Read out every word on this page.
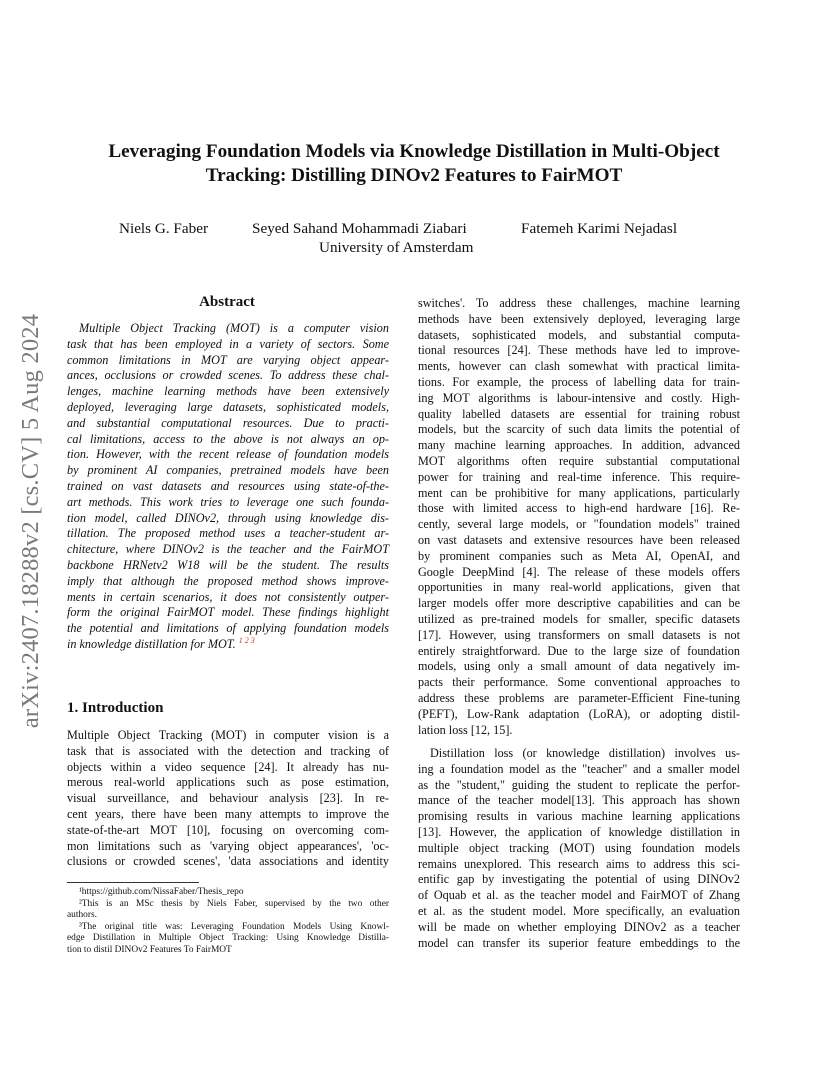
arXiv:2407.18288v2 [cs.CV] 5 Aug 2024
Leveraging Foundation Models via Knowledge Distillation in Multi-Object
Tracking: Distilling DINOv2 Features to FairMOT
Niels G. Faber	Seyed Sahand Mohammadi Ziabari	Fatemeh Karimi Nejadasl
University of Amsterdam
Abstract
Multiple Object Tracking (MOT) is a computer vision
task that has been employed in a variety of sectors. Some
common limitations in MOT are varying object appear-
ances, occlusions or crowded scenes. To address these chal-
lenges, machine learning methods have been extensively
deployed, leveraging large datasets, sophisticated models,
and substantial computational resources. Due to practi-
cal limitations, access to the above is not always an op-
tion. However, with the recent release of foundation models
by prominent AI companies, pretrained models have been
trained on vast datasets and resources using state-of-the-
art methods. This work tries to leverage one such founda-
tion model, called DINOv2, through using knowledge dis-
tillation. The proposed method uses a teacher-student ar-
chitecture, where DINOv2 is the teacher and the FairMOT
backbone HRNetv2 W18 will be the student. The results
imply that although the proposed method shows improve-
ments in certain scenarios, it does not consistently outper-
form the original FairMOT model. These findings highlight
the potential and limitations of applying foundation models
in knowledge distillation for MOT. $^{1 2 3}$
1. Introduction
Multiple Object Tracking (MOT) in computer vision is a
task that is associated with the detection and tracking of
objects within a video sequence [24]. It already has nu-
merous real-world applications such as pose estimation,
visual surveillance, and behaviour analysis [23]. In re-
cent years, there have been many attempts to improve the
state-of-the-art MOT [10], focusing on overcoming com-
mon limitations such as 'varying object appearances', 'oc-
clusions or crowded scenes', 'data associations and identity
¹https://github.com/NissaFaber/Thesis_repo
²This is an MSc thesis by Niels Faber, supervised by the two other
authors.
³The original title was: Leveraging Foundation Models Using Knowl-
edge Distillation in Multiple Object Tracking: Using Knowledge Distilla-
tion to distil DINOv2 Features To FairMOT
switches'. To address these challenges, machine learning
methods have been extensively deployed, leveraging large
datasets, sophisticated models, and substantial computa-
tional resources [24]. These methods have led to improve-
ments, however can clash somewhat with practical limita-
tions. For example, the process of labelling data for train-
ing MOT algorithms is labour-intensive and costly. High-
quality labelled datasets are essential for training robust
models, but the scarcity of such data limits the potential of
many machine learning approaches. In addition, advanced
MOT algorithms often require substantial computational
power for training and real-time inference. This require-
ment can be prohibitive for many applications, particularly
those with limited access to high-end hardware [16]. Re-
cently, several large models, or "foundation models" trained
on vast datasets and extensive resources have been released
by prominent companies such as Meta AI, OpenAI, and
Google DeepMind [4]. The release of these models offers
opportunities in many real-world applications, given that
larger models offer more descriptive capabilities and can be
utilized as pre-trained models for smaller, specific datasets
[17]. However, using transformers on small datasets is not
entirely straightforward. Due to the large size of foundation
models, using only a small amount of data negatively im-
pacts their performance. Some conventional approaches to
address these problems are parameter-Efficient Fine-tuning
(PEFT), Low-Rank adaptation (LoRA), or adopting distil-
lation loss [12, 15].
Distillation loss (or knowledge distillation) involves us-
ing a foundation model as the "teacher" and a smaller model
as the "student," guiding the student to replicate the perfor-
mance of the teacher model[13]. This approach has shown
promising results in various machine learning applications
[13]. However, the application of knowledge distillation in
multiple object tracking (MOT) using foundation models
remains unexplored. This research aims to address this sci-
entific gap by investigating the potential of using DINOv2
of Oquab et al. as the teacher model and FairMOT of Zhang
et al. as the student model. More specifically, an evaluation
will be made on whether employing DINOv2 as a teacher
model can transfer its superior feature embeddings to the
